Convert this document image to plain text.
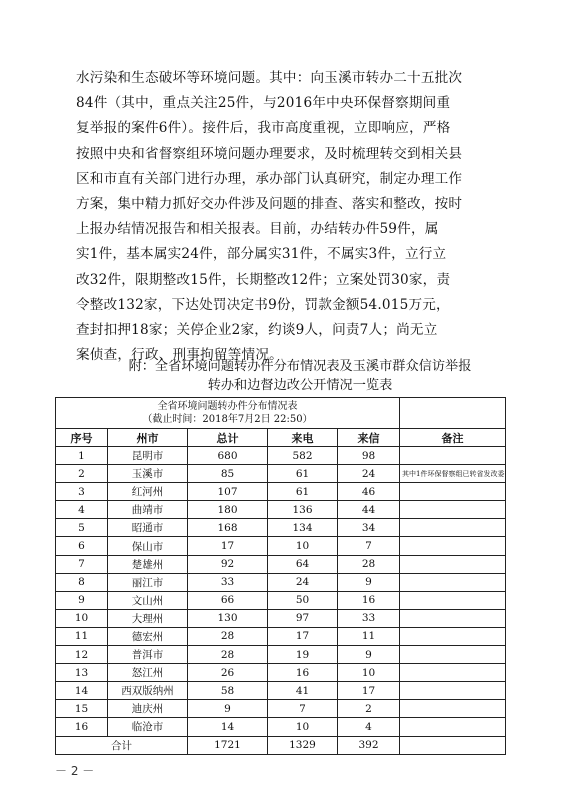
水污染和生态破坏等环境问题。其中：向玉溪市转办二十五批次
84件（其中，重点关注25件，与2016年中央环保督察期间重
复举报的案件6件）。接件后，我市高度重视，立即响应，严格
按照中央和省督察组环境问题办理要求，及时梳理转交到相关县
区和市直有关部门进行办理，承办部门认真研究，制定办理工作
方案，集中精力抓好交办件涉及问题的排查、落实和整改，按时
上报办结情况报告和相关报表。目前，办结转办件59件，属
实1件，基本属实24件，部分属实31件，不属实3件，立行立
改32件，限期整改15件，长期整改12件；立案处罚30家，责
令整改132家，下达处罚决定书9份，罚款金额54.015万元，
查封扣押18家；关停企业2家，约谈9人，问责7人；尚无立
案侦查，行政、刑事拘留等情况。
附：全省环境问题转办件分布情况表及玉溪市群众信访举报
转办和边督边改公开情况一览表
全省环境问题转办件分布情况表
（截止时间：2018年7月2日 22:50）					

序号	州市	总计	来电	来信	备注
1	昆明市	680	582	98	
2	玉溪市	85	61	24	其中1件环保督察组已转省发改委
3	红河州	107	61	46	
4	曲靖市	180	136	44	
5	昭通市	168	134	34	
6	保山市	17	10	7	
7	楚雄州	92	64	28	
8	丽江市	33	24	9	
9	文山州	66	50	16	
10	大理州	130	97	33	
11	德宏州	28	17	11	
12	普洱市	28	19	9	
13	怒江州	26	16	10	
14	西双版纳州	58	41	17	
15	迪庆州	9	7	2	
16	临沧市	14	10	4	
合计		1721	1329	392	
－ 2 －
